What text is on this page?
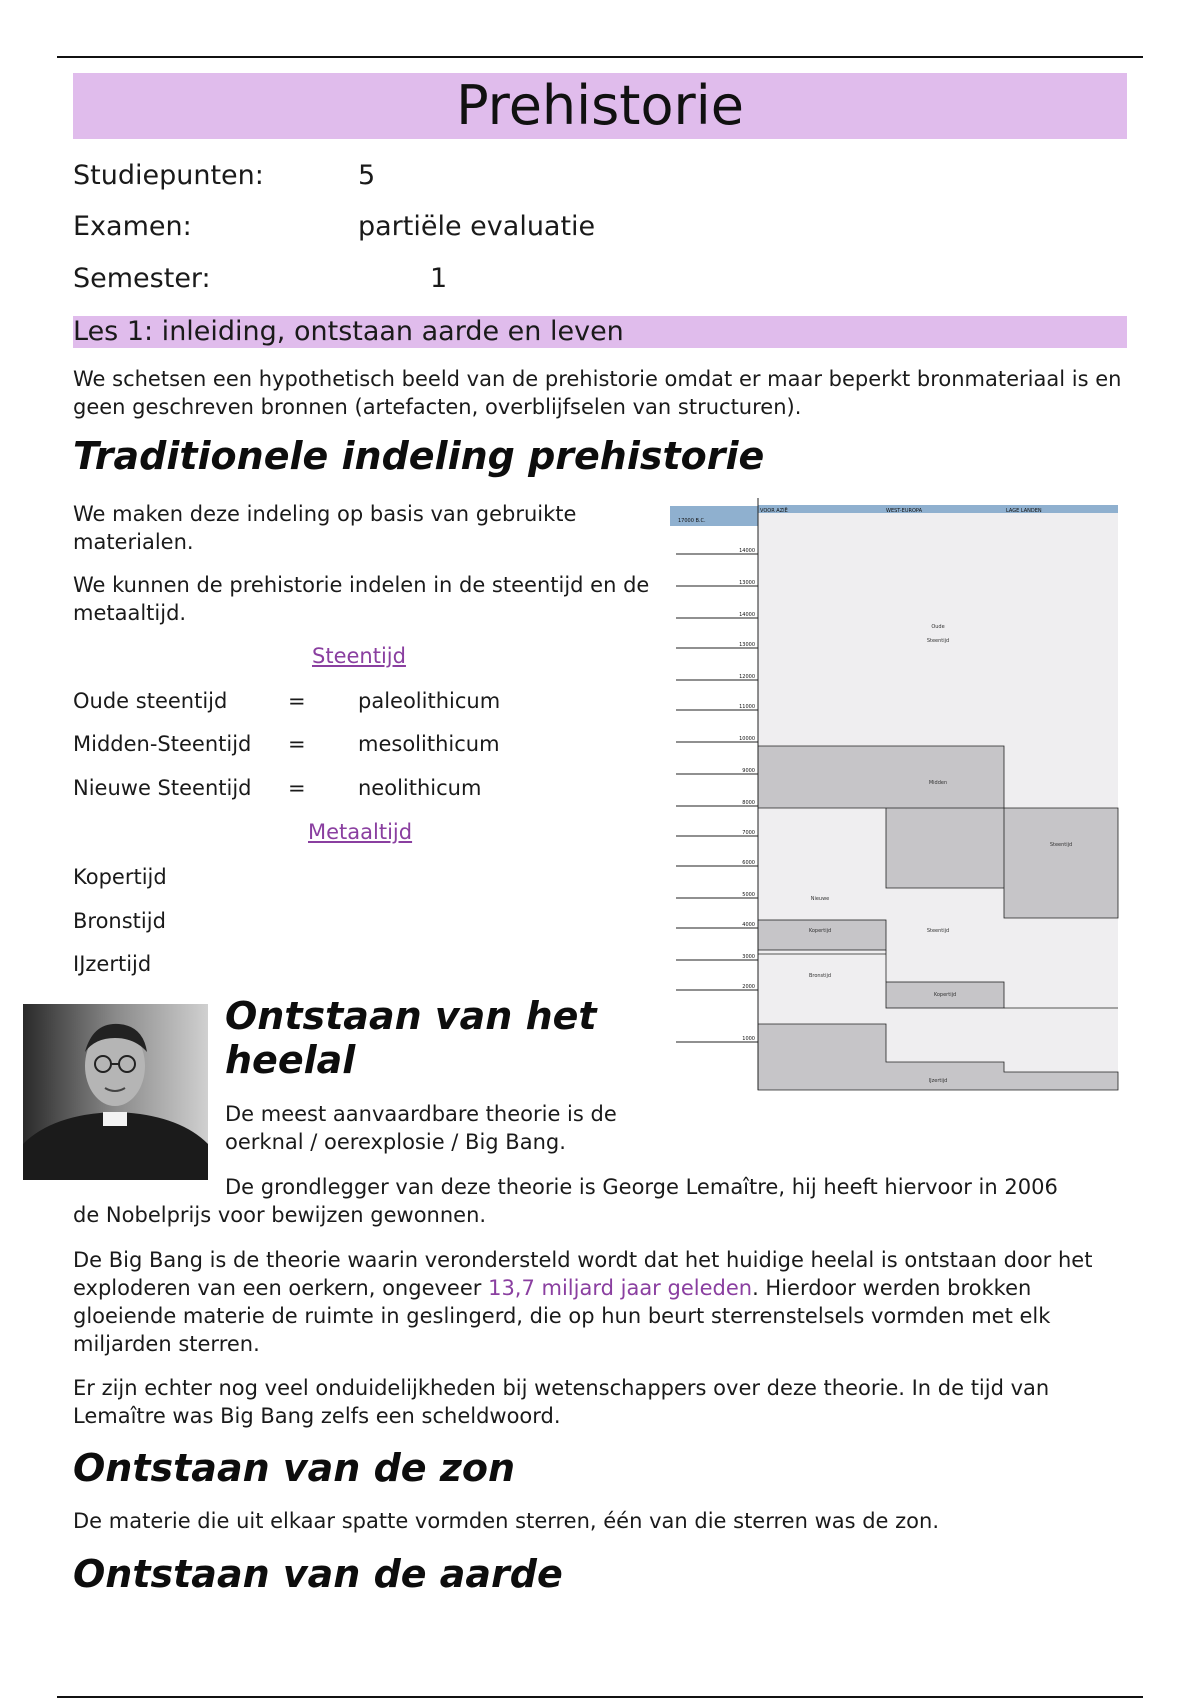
Prehistorie
Studiepunten:	5
Examen:	partiële evaluatie
Semester:	1
Les 1: inleiding, ontstaan aarde en leven
We schetsen een hypothetisch beeld van de prehistorie omdat er maar beperkt bronmateriaal is en geen geschreven bronnen (artefacten, overblijfselen van structuren).
Traditionele indeling prehistorie
We maken deze indeling op basis van gebruikte materialen.
We kunnen de prehistorie indelen in de steentijd en de metaaltijd.
Steentijd
Oude steentijd	= paleolithicum
Midden-Steentijd = mesolithicum
Nieuwe Steentijd = neolithicum
Metaaltijd
Kopertijd
Bronstijd
IJzertijd
17000 B.C.
VOOR AZIË	WEST-EUROPA	LAGE LANDEN
14000
13000
14000
13000
12000
11000
10000
9000
8000
7000
6000
5000
4000
3000
2000
1000
Oude
Steentijd
Midden
Steentijd
Nieuwe
Steentijd
Kopertijd
Bronstijd
Kopertijd
IJzertijd
Ontstaan van het
heelal
De meest aanvaardbare theorie is de
oerknal / oerexplosie / Big Bang.
De grondlegger van deze theorie is George Lemaître, hij heeft hiervoor in 2006
de Nobelprijs voor bewijzen gewonnen.
De Big Bang is de theorie waarin verondersteld wordt dat het huidige heelal is ontstaan door het exploderen van een oerkern, ongeveer 13,7 miljard jaar geleden. Hierdoor werden brokken gloeiende materie de ruimte in geslingerd, die op hun beurt sterrenstelsels vormden met elk miljarden sterren.
Er zijn echter nog veel onduidelijkheden bij wetenschappers over deze theorie. In de tijd van Lemaître was Big Bang zelfs een scheldwoord.
Ontstaan van de zon
De materie die uit elkaar spatte vormden sterren, één van die sterren was de zon.
Ontstaan van de aarde
